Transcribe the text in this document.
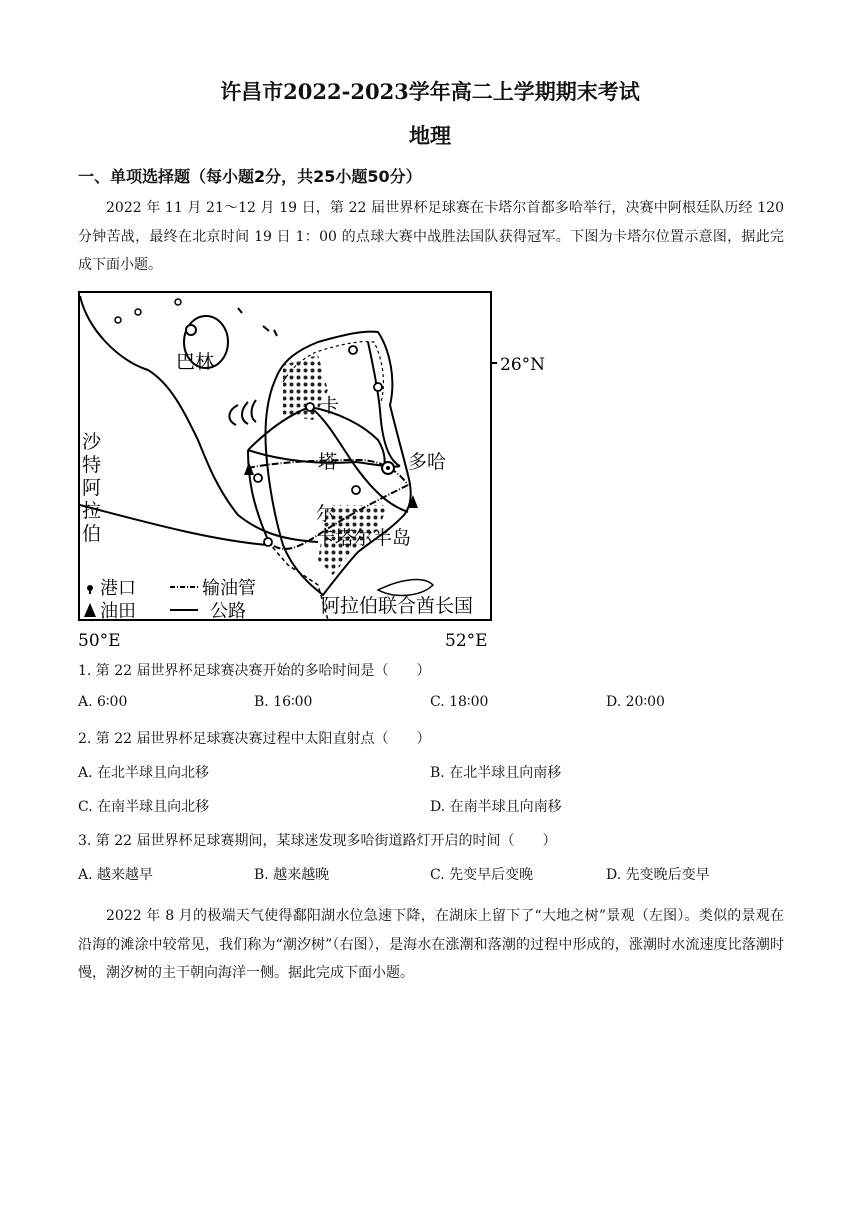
许昌市2022-2023学年高二上学期期末考试
地理
一、单项选择题（每小题2分，共25小题50分）
2022 年 11 月 21～12 月 19 日，第 22 届世界杯足球赛在卡塔尔首都多哈举行，决赛中阿根廷队历经 120 分钟苦战，最终在北京时间 19 日 1：00 的点球大赛中战胜法国队获得冠军。下图为卡塔尔位置示意图，据此完成下面小题。
巴林	26°N
沙
特
阿
拉
伯
卡
塔
尔
多哈
卡塔尔半岛
阿拉伯联合酋长国
港口	输油管
油田	公路
50°E	52°E
1. 第 22 届世界杯足球赛决赛开始的多哈时间是（　　）
A. 6∶00	B. 16∶00	C. 18∶00	D. 20∶00
2. 第 22 届世界杯足球赛决赛过程中太阳直射点（　　）
A. 在北半球且向北移	B. 在北半球且向南移
C. 在南半球且向北移	D. 在南半球且向南移
3. 第 22 届世界杯足球赛期间，某球迷发现多哈街道路灯开启的时间（　　）
A. 越来越早	B. 越来越晚	C. 先变早后变晚	D. 先变晚后变早
2022 年 8 月的极端天气使得鄱阳湖水位急速下降，在湖床上留下了“大地之树”景观（左图）。类似的景观在沿海的滩涂中较常见，我们称为“潮汐树”（右图），是海水在涨潮和落潮的过程中形成的，涨潮时水流速度比落潮时慢，潮汐树的主干朝向海洋一侧。据此完成下面小题。
